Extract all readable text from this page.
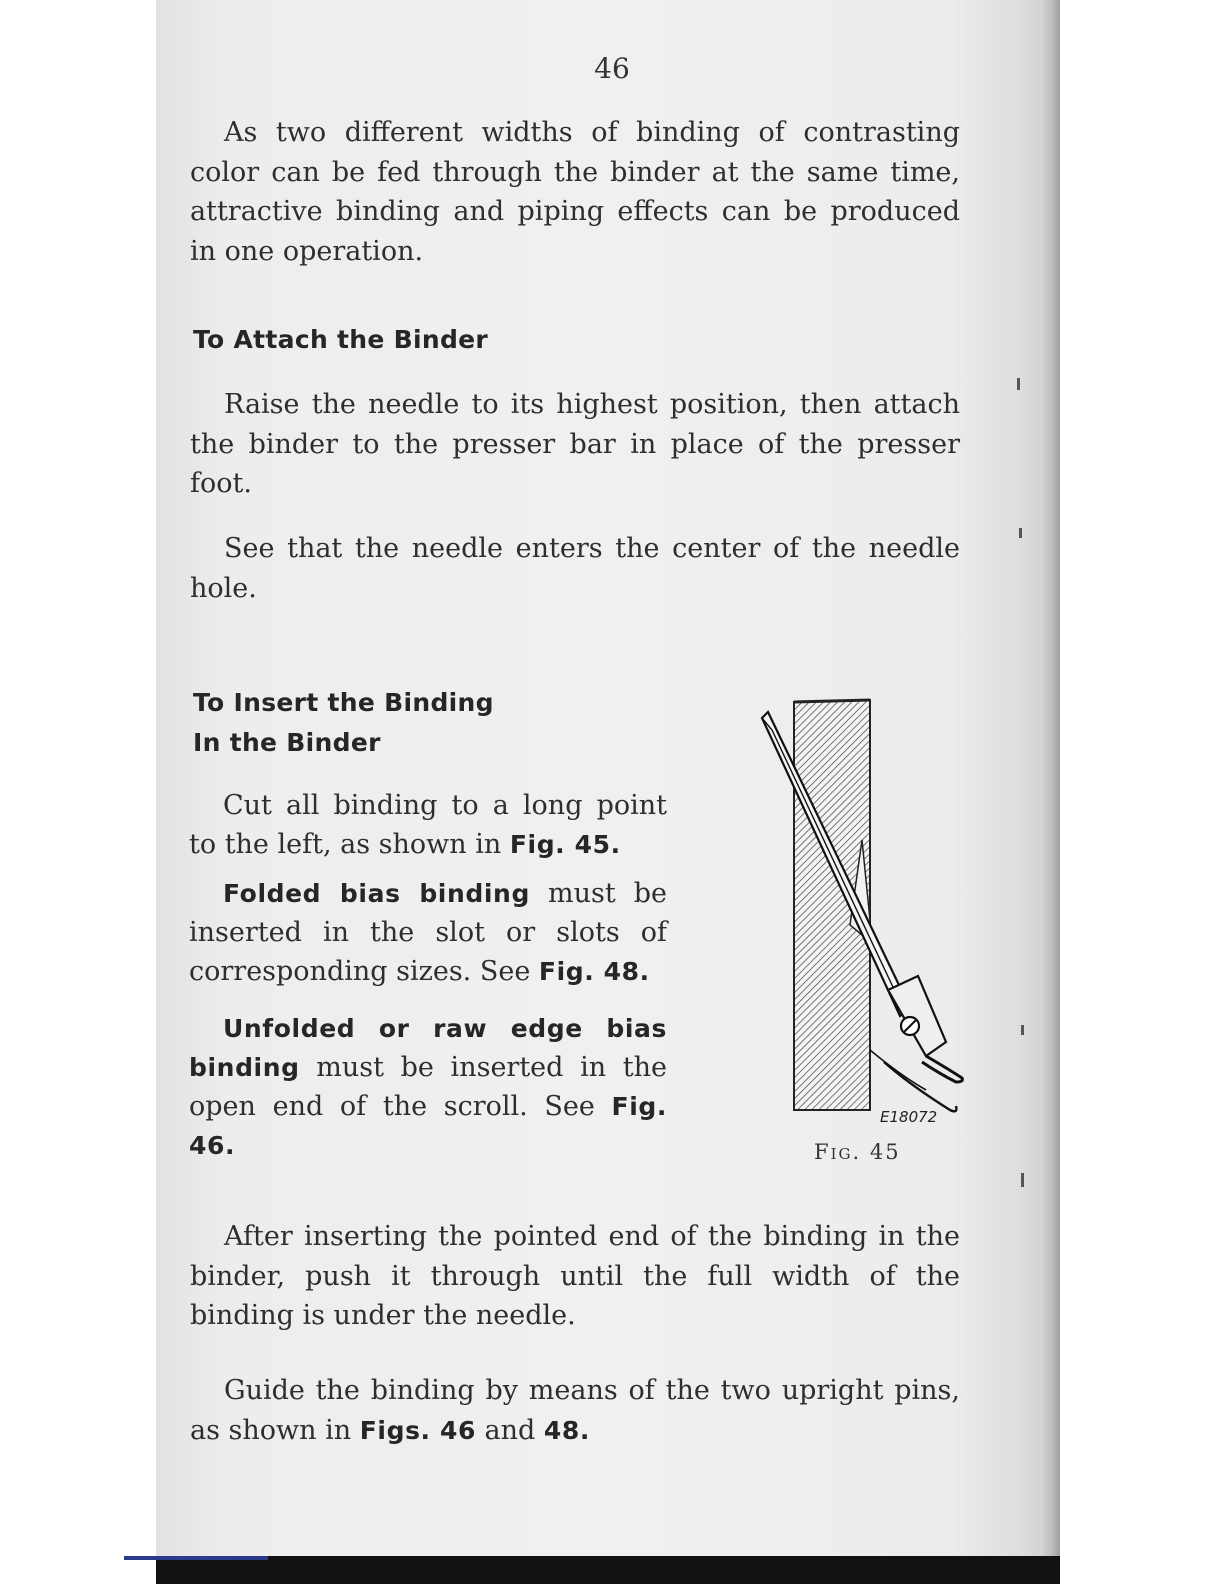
46

As two different widths of binding of contrasting color can be fed through the binder at the same time, attractive binding and piping effects can be produced in one operation.

To Attach the Binder

Raise the needle to its highest position, then attach the binder to the presser bar in place of the presser foot.

See that the needle enters the center of the needle hole.

To Insert the Binding
In the Binder

Cut all binding to a long point to the left, as shown in Fig. 45.

Folded bias binding must be inserted in the slot or slots of corresponding sizes. See Fig. 48.

Unfolded or raw edge bias binding must be inserted in the open end of the scroll. See Fig. 46.

E18072
Fig. 45

After inserting the pointed end of the binding in the binder, push it through until the full width of the binding is under the needle.

Guide the binding by means of the two upright pins, as shown in Figs. 46 and 48.
